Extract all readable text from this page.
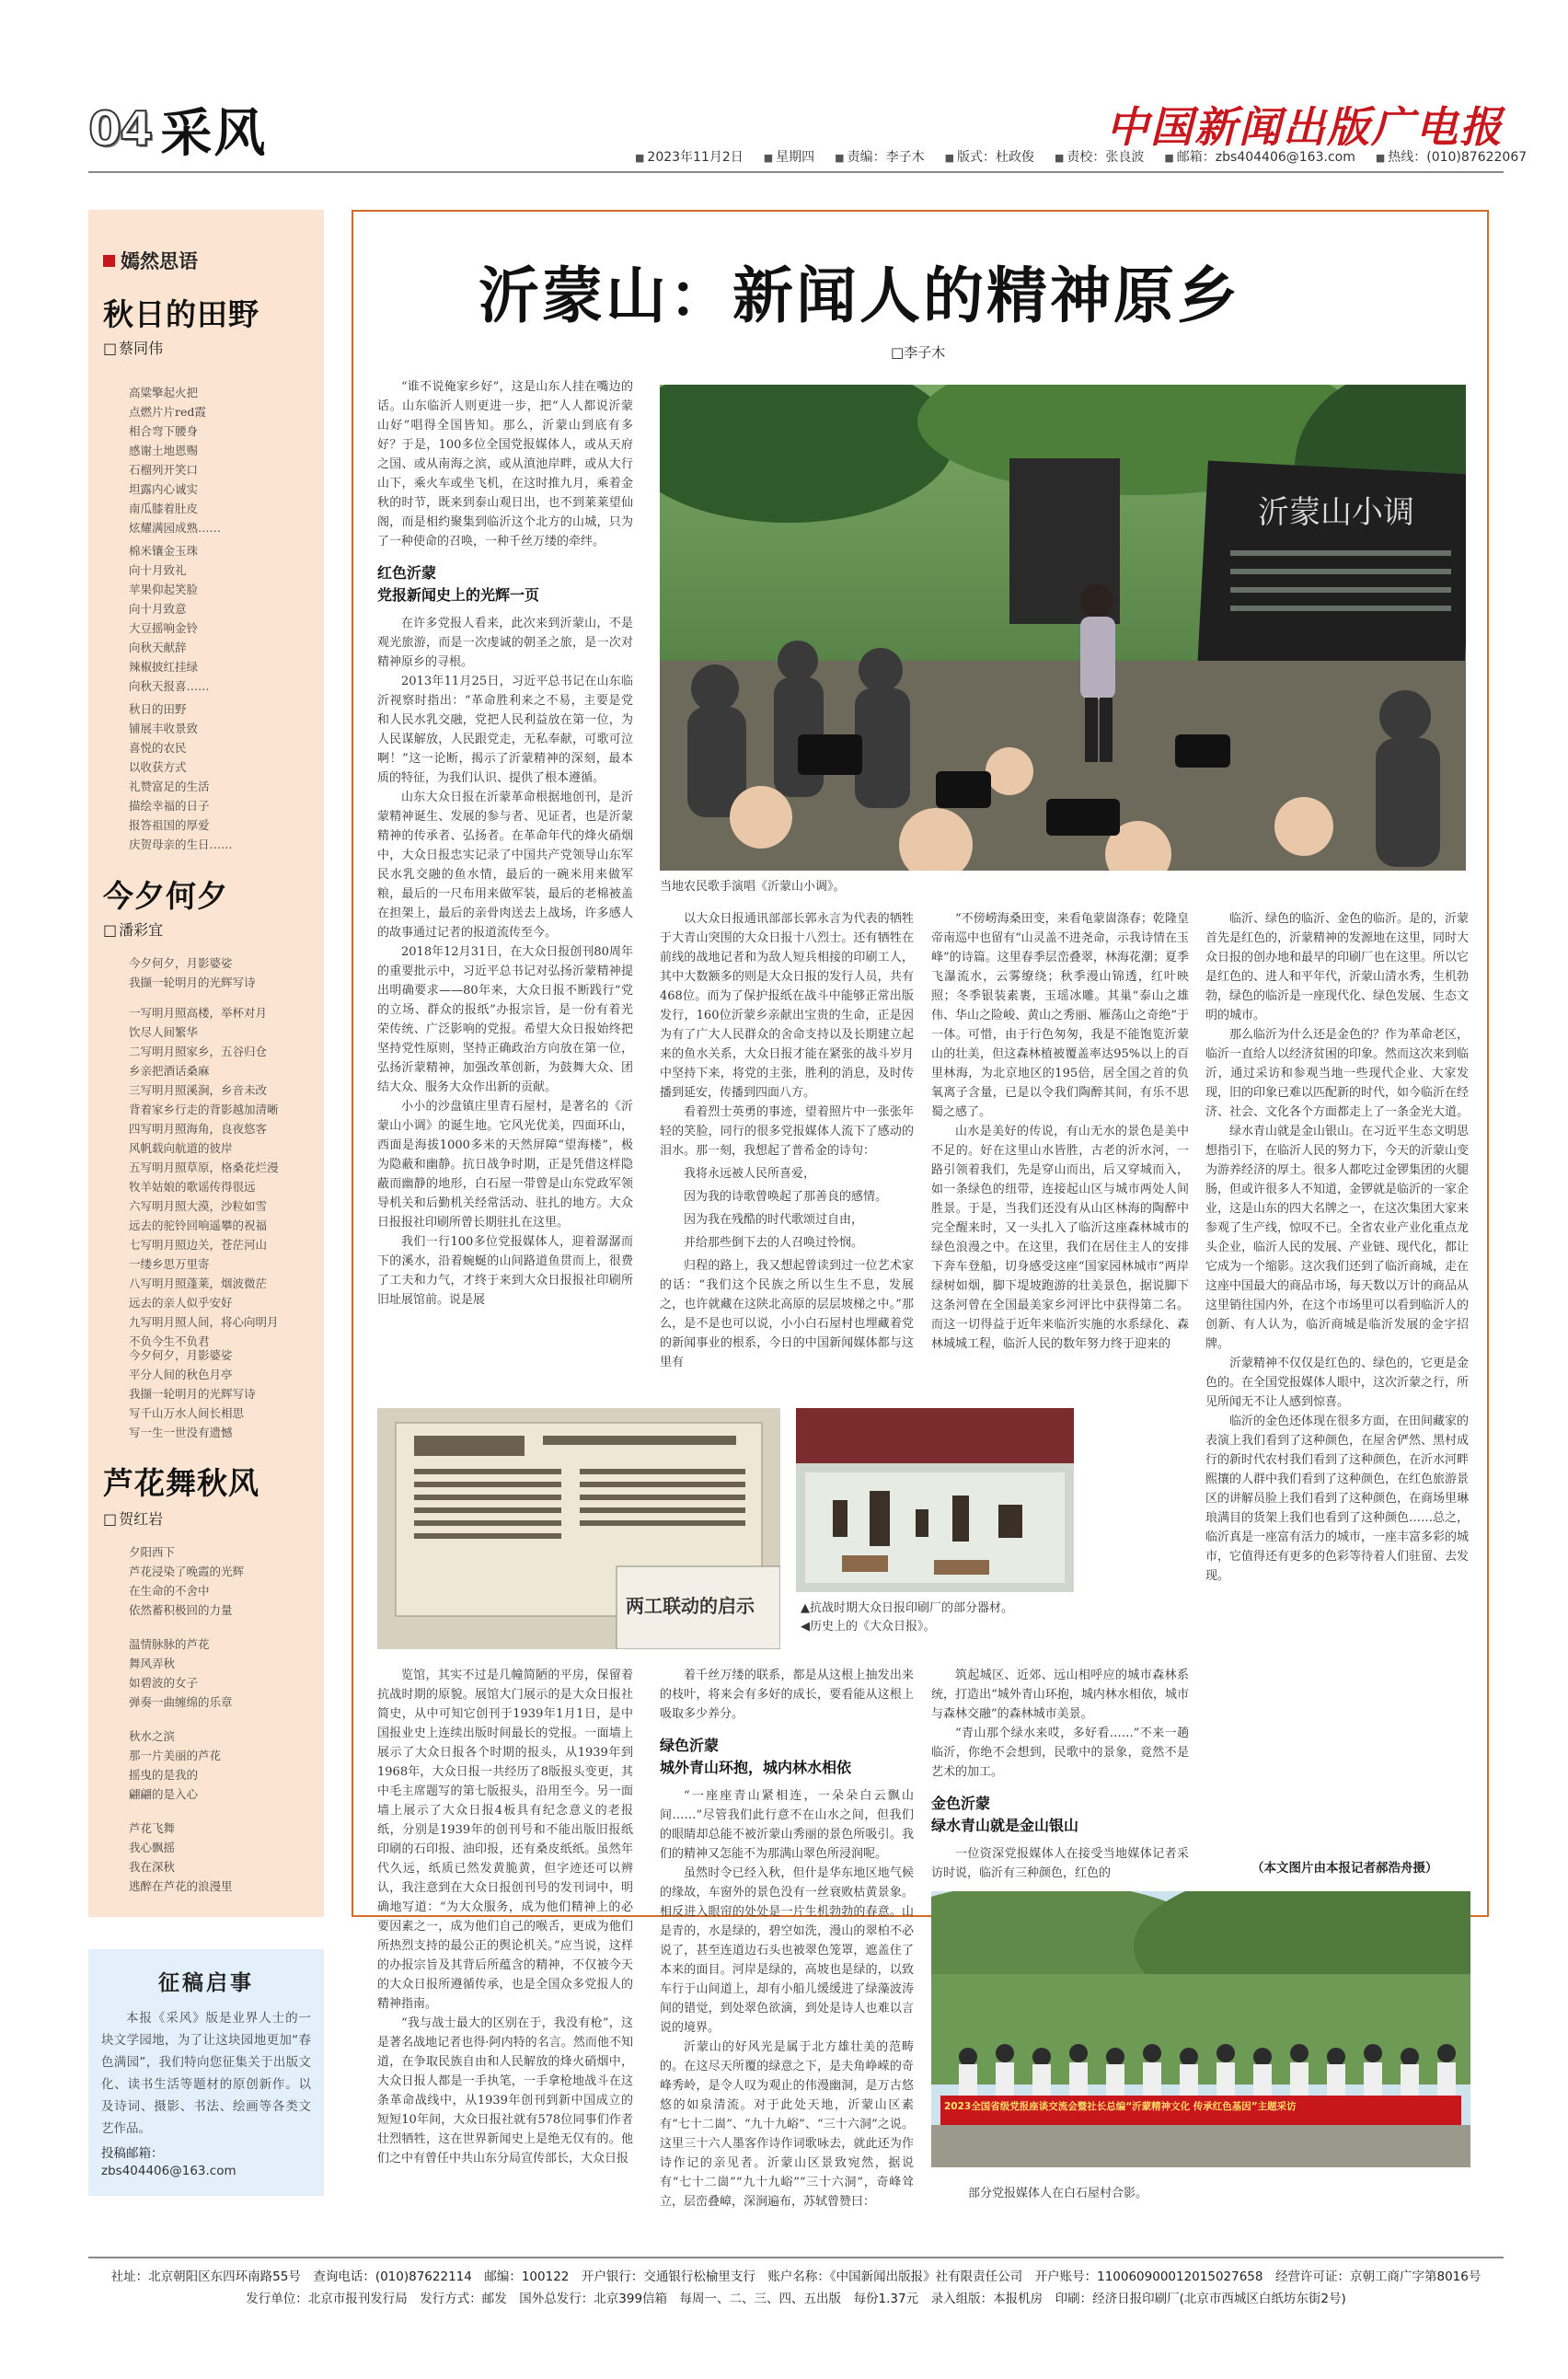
04 采风	中国新闻出版广电报
■ 2023年11月2日	■ 星期四	■ 责编：李子木	■ 版式：杜政俊	■ 责校：张良波	■ 邮箱：zbs404406@163.com	■ 热线：(010)87622067
嫣然思语
秋日的田野
□ 蔡同伟
高粱擎起火把
点燃片片red霞
相合弯下腰身
感谢土地恩赐
石榴列开笑口
坦露内心诚实
南瓜膝着肚皮
炫耀满园成熟……
棉米镶金玉珠
向十月致礼
苹果仰起笑脸
向十月致意
大豆摇响金铃
向秋天献辞
辣椒披红挂绿
向秋天报喜……
秋日的田野
铺展丰收景致
喜悦的农民
以收获方式
礼赞富足的生活
描绘幸福的日子
报答祖国的厚爱
庆贺母亲的生日……
今夕何夕
□ 潘彩宜
今夕何夕，月影婆娑
我撷一轮明月的光辉写诗
一写明月照高楼，举杯对月
饮尽人间繁华
二写明月照家乡，五谷归仓
乡亲把酒话桑麻
三写明月照溪涧，乡音未改
背着家乡行走的背影越加清晰
四写明月照海角，良夜悠客
风帆载向航道的彼岸
五写明月照草原，格桑花烂漫
牧羊姑娘的歌谣传得很远
六写明月照大漠，沙粒如雪
远去的驼铃回响遥攀的祝福
七写明月照边关，苍茫河山
一缕乡思万里寄
八写明月照蓬莱，烟波微茫
远去的亲人似乎安好
九写明月照人间，将心向明月
不负今生不负君
今夕何夕，月影婆娑
平分人间的秋色月亭
我撷一轮明月的光辉写诗
写千山万水人间长相思
写一生一世没有遗憾
芦花舞秋风
□ 贺红岩
夕阳西下
芦花浸染了晚霞的光辉
在生命的不舍中
依然蓄积极回的力量
温情脉脉的芦花
舞风弄秋
如碧波的女子
弹奏一曲缠绵的乐章
秋水之滨
那一片美丽的芦花
摇曳的是我的
翩翩的是入心
芦花飞舞
我心飘摇
我在深秋
逃醉在芦花的浪漫里
征稿启事
本报《采风》版是业界人士的一块文学园地，为了让这块园地更加“春色满园”，我们特向您征集关于出版文化、读书生活等题材的原创新作。以及诗词、摄影、书法、绘画等各类文艺作品。
投稿邮箱：
zbs404406@163.com
沂蒙山：新闻人的精神原乡
□ 李子木

“谁不说俺家乡好”，这是山东人挂在嘴边的话。山东临沂人则更进一步，把“人人都说沂蒙山好”唱得全国皆知。那么，沂蒙山到底有多好？于是，100多位全国党报媒体人，或从天府之国、或从南海之滨，或从滇池岸畔，或从大行山下，乘火车或坐飞机，在这时推九月，乘着金秋的时节，既来到泰山观日出，也不到莱莱望仙阁，而是相约聚集到临沂这个北方的山城，只为了一种使命的召唤，一种千丝万缕的牵绊。

红色沂蒙
党报新闻史上的光辉一页

在许多党报人看来，此次来到沂蒙山，不是观光旅游，而是一次虔诚的朝圣之旅，是一次对精神原乡的寻根。

2013年11月25日，习近平总书记在山东临沂视察时指出：“革命胜利来之不易，主要是党和人民水乳交融，党把人民利益放在第一位，为人民谋解放，人民跟党走，无私奉献，可歌可泣啊！”这一论断，揭示了沂蒙精神的深刻，最本质的特征，为我们认识、提供了根本遵循。

山东大众日报在沂蒙革命根据地创刊，是沂蒙精神诞生、发展的参与者、见证者，也是沂蒙精神的传承者、弘扬者。在革命年代的烽火硝烟中，大众日报忠实记录了中国共产党领导山东军民水乳交融的鱼水情，最后的一碗米用来做军粮，最后的一尺布用来做军装，最后的老棉被盖在担架上，最后的亲骨肉送去上战场，许多感人的故事通过记者的报道流传至今。

2018年12月31日，在大众日报创刊80周年的重要批示中，习近平总书记对弘扬沂蒙精神提出明确要求——80年来，大众日报不断践行“党的立场、群众的报纸”办报宗旨，是一份有着光荣传统、广泛影响的党报。希望大众日报始终把坚持党性原则，坚持正确政治方向放在第一位，弘扬沂蒙精神，加强改革创新，为鼓舞大众、团结大众、服务大众作出新的贡献。

小小的沙盘镇庄里青石屋村，是著名的《沂蒙山小调》的诞生地。它风光优美，四面环山，西面是海拔1000多米的天然屏障“望海楼”，极为隐蔽和幽静。抗日战争时期，正是凭借这样隐蔽而幽静的地形，白石屋一带曾是山东党政军领导机关和后勤机关经常活动、驻扎的地方。大众日报报社印刷所曾长期驻扎在这里。

我们一行100多位党报媒体人，迎着潺潺而下的溪水，沿着蜿蜒的山间路道鱼贯而上，很费了工夫和力气，才终于来到大众日报报社印刷所旧址展馆前。说是展

沂蒙山小调
当地农民歌手演唱《沂蒙山小调》。

以大众日报通讯部部长郭永言为代表的牺牲于大青山突围的大众日报十八烈士。还有牺牲在前线的战地记者和为敌人短兵相接的印刷工人，其中大数额多的则是大众日报的发行人员，共有468位。而为了保护报纸在战斗中能够正常出版发行，160位沂蒙乡亲献出宝贵的生命，正是因为有了广大人民群众的舍命支持以及长期建立起来的鱼水关系，大众日报才能在紧张的战斗岁月中坚持下来，将党的主张，胜利的消息，及时传播到延安，传播到四面八方。

看着烈士英勇的事迹，望着照片中一张张年轻的笑脸，同行的很多党报媒体人流下了感动的泪水。那一刻，我想起了普希金的诗句：

我将永远被人民所喜爱，

因为我的诗歌曾唤起了那善良的感情。

因为我在残酷的时代歌颂过自由，

并给那些倒下去的人召唤过怜悯。

归程的路上，我又想起曾读到过一位艺术家的话：“我们这个民族之所以生生不息，发展之，也许就藏在这陕北高原的层层坡梯之中。”那么，是不是也可以说，小小白石屋村也埋藏着党的新闻事业的根系，今日的中国新闻媒体都与这里有

“不傍崂海桑田变，来看龟蒙崮涤春；乾隆皇帝南巡中也留有“山灵盖不进尧命，示我诗情在玉峰”的诗篇。这里春季层峦叠翠，林海花潮；夏季飞瀑流水，云雾缭绕；秋季漫山锦透，红叶映照；冬季银装素裹，玉瑶冰雕。其巢“泰山之雄伟、华山之险峻、黄山之秀丽、雁荡山之奇绝”于一体。可惜，由于行色匆匆，我是不能饱览沂蒙山的壮美，但这森林植被覆盖率达95%以上的百里林海，为北京地区的195倍，居全国之首的负氧离子含量，已是以令我们陶醉其间，有乐不思蜀之感了。

山水是美好的传说，有山无水的景色是美中不足的。好在这里山水皆胜，古老的沂水河，一路引领着我们，先是穿山而出，后又穿城而入，如一条绿色的纽带，连接起山区与城市两处人间胜景。于是，当我们还没有从山区林海的陶醉中完全醒来时，又一头扎入了临沂这座森林城市的绿色浪漫之中。在这里，我们在居住主人的安排下奔车登船，切身感受这座“国家园林城市”两岸绿树如烟，脚下堤坡跑游的壮美景色，据说脚下这条河曾在全国最美家乡河评比中获得第二名。而这一切得益于近年来临沂实施的水系绿化、森林城城工程，临沂人民的数年努力终于迎来的

临沂、绿色的临沂、金色的临沂。是的，沂蒙首先是红色的，沂蒙精神的发源地在这里，同时大众日报的创办地和最早的印刷厂也在这里。所以它是红色的、进人和平年代，沂蒙山清水秀，生机勃勃，绿色的临沂是一座现代化、绿色发展、生态文明的城市。

那么临沂为什么还是金色的？作为革命老区，临沂一直给人以经济贫困的印象。然而这次来到临沂，通过采访和参观当地一些现代企业、大家发现，旧的印象已难以匹配新的时代，如今临沂在经济、社会、文化各个方面都走上了一条金光大道。

绿水青山就是金山银山。在习近平生态文明思想指引下，在临沂人民的努力下，今天的沂蒙山变为游养经济的厚土。很多人都吃过金锣集团的火腿肠，但或许很多人不知道，金锣就是临沂的一家企业，这是山东的四大名牌之一，在这次集团大家来参观了生产线，惊叹不已。全省农业产业化重点龙头企业，临沂人民的发展、产业链、现代化，都让它成为一个缩影。这次我们还到了临沂商城，走在这座中国最大的商品市场，每天数以万计的商品从这里销往国内外，在这个市场里可以看到临沂人的创新、有人认为，临沂商城是临沂发展的金字招牌。

沂蒙精神不仅仅是红色的、绿色的，它更是金色的。在全国党报媒体人眼中，这次沂蒙之行，所见所闻无不让人感到惊喜。

临沂的金色还体现在很多方面，在田间藏家的表演上我们看到了这种颜色，在屋舍俨然、黑村成行的新时代农村我们看到了这种颜色，在沂水河畔熙攘的人群中我们看到了这种颜色，在红色旅游景区的讲解员脸上我们看到了这种颜色，在商场里琳琅满目的货架上我们也看到了这种颜色……总之，临沂真是一座富有活力的城市，一座丰富多彩的城市，它值得还有更多的色彩等待着人们驻留、去发现。

（本文图片由本报记者郝浩舟摄）
两工联动的启示	▲抗战时期大众日报印刷厂的部分器材。
◀历史上的《大众日报》。

览馆，其实不过是几幢简陋的平房，保留着抗战时期的原貌。展馆大门展示的是大众日报社简史，从中可知它创刊于1939年1月1日，是中国报业史上连续出版时间最长的党报。一面墙上展示了大众日报各个时期的报头，从1939年到1968年，大众日报一共经历了8版报头变更，其中毛主席题写的第七版报头，沿用至今。另一面墙上展示了大众日报4板具有纪念意义的老报纸，分别是1939年的创刊号和不能出版旧报纸印刷的石印报、油印报，还有桑皮纸纸。虽然年代久远，纸质已然发黄脆黄，但字迹还可以辨认，我注意到在大众日报创刊号的发刊词中，明确地写道：“为大众服务，成为他们精神上的必要因素之一，成为他们自己的喉舌，更成为他们所热烈支持的最公正的舆论机关。”应当说，这样的办报宗旨及其背后所蕴含的精神，不仅被今天的大众日报所遵循传承，也是全国众多党报人的精神指南。

“我与战士最大的区别在于，我没有枪”，这是著名战地记者也得·阿内特的名言。然而他不知道，在争取民族自由和人民解放的烽火硝烟中，大众日报人都是一手执笔，一手拿枪地战斗在这条革命战线中，从1939年创刊到新中国成立的短短10年间，大众日报社就有578位同事们作者壮烈牺牲，这在世界新闻史上是绝无仅有的。他们之中有曾任中共山东分局宣传部长，大众日报

着千丝万缕的联系，都是从这根上抽发出来的枝叶，将来会有多好的成长，要看能从这根上吸取多少养分。

绿色沂蒙
城外青山环抱，城内林水相依

“一座座青山紧相连，一朵朵白云飘山间……”尽管我们此行意不在山水之间，但我们的眼睛却总能不被沂蒙山秀丽的景色所吸引。我们的精神又怎能不为那满山翠色所浸润呢。

虽然时令已经入秋，但什是华东地区地气候的缘故，车窗外的景色没有一丝衰败枯黄景象。相反进入眼帘的处处是一片生机勃勃的春意。山是青的，水是绿的，碧空如洗，漫山的翠柏不必说了，甚至连道边石头也被翠色笼罩，遮盖住了本来的面目。河岸是绿的，高坡也是绿的，以致车行于山间道上，却有小船儿缓缓进了绿藻波涛间的错觉，到处翠色欲滴，到处是诗人也难以言说的境界。

沂蒙山的好风光是属于北方雄壮美的范畴的。在这尽天所覆的绿意之下，是夫角峥嵘的奇峰秀岭，是令人叹为观止的伟漫幽洞，是万古悠悠的如泉清流。对于此处天地，沂蒙山区素有“七十二崮”、“九十九峪”、“三十六洞”之说。这里三十六人墨客作诗作词歌咏去，就此还为作诗作记的亲见者。沂蒙山区景致宛然，据说有“七十二崮”“九十九峪”“三十六洞”，奇峰耸立，层峦叠嶂，深涧遍布，苏轼曾赞曰：

筑起城区、近郊、远山相呼应的城市森林系统，打造出“城外青山环抱，城内林水相依，城市与森林交融”的森林城市美景。

“青山那个绿水来哎，多好看……”不来一趟临沂，你绝不会想到，民歌中的景象，竟然不是艺术的加工。

金色沂蒙
绿水青山就是金山银山

一位资深党报媒体人在接受当地媒体记者采访时说，临沂有三种颜色，红色的

2023全国省级党报座谈交流会暨社长总编“沂蒙精神文化 传承红色基因”主题采访
部分党报媒体人在白石屋村合影。
社址：北京朝阳区东四环南路55号　查询电话：(010)87622114　邮编：100122　开户银行：交通银行松榆里支行　账户名称：《中国新闻出版报》社有限责任公司　开户账号：110060900012015027658　经营许可证：京朝工商广字第8016号
发行单位：北京市报刊发行局　发行方式：邮发　国外总发行：北京399信箱　每周一、二、三、四、五出版　每份1.37元　录入组版：本报机房　印刷：经济日报印刷厂(北京市西城区白纸坊东街2号)
